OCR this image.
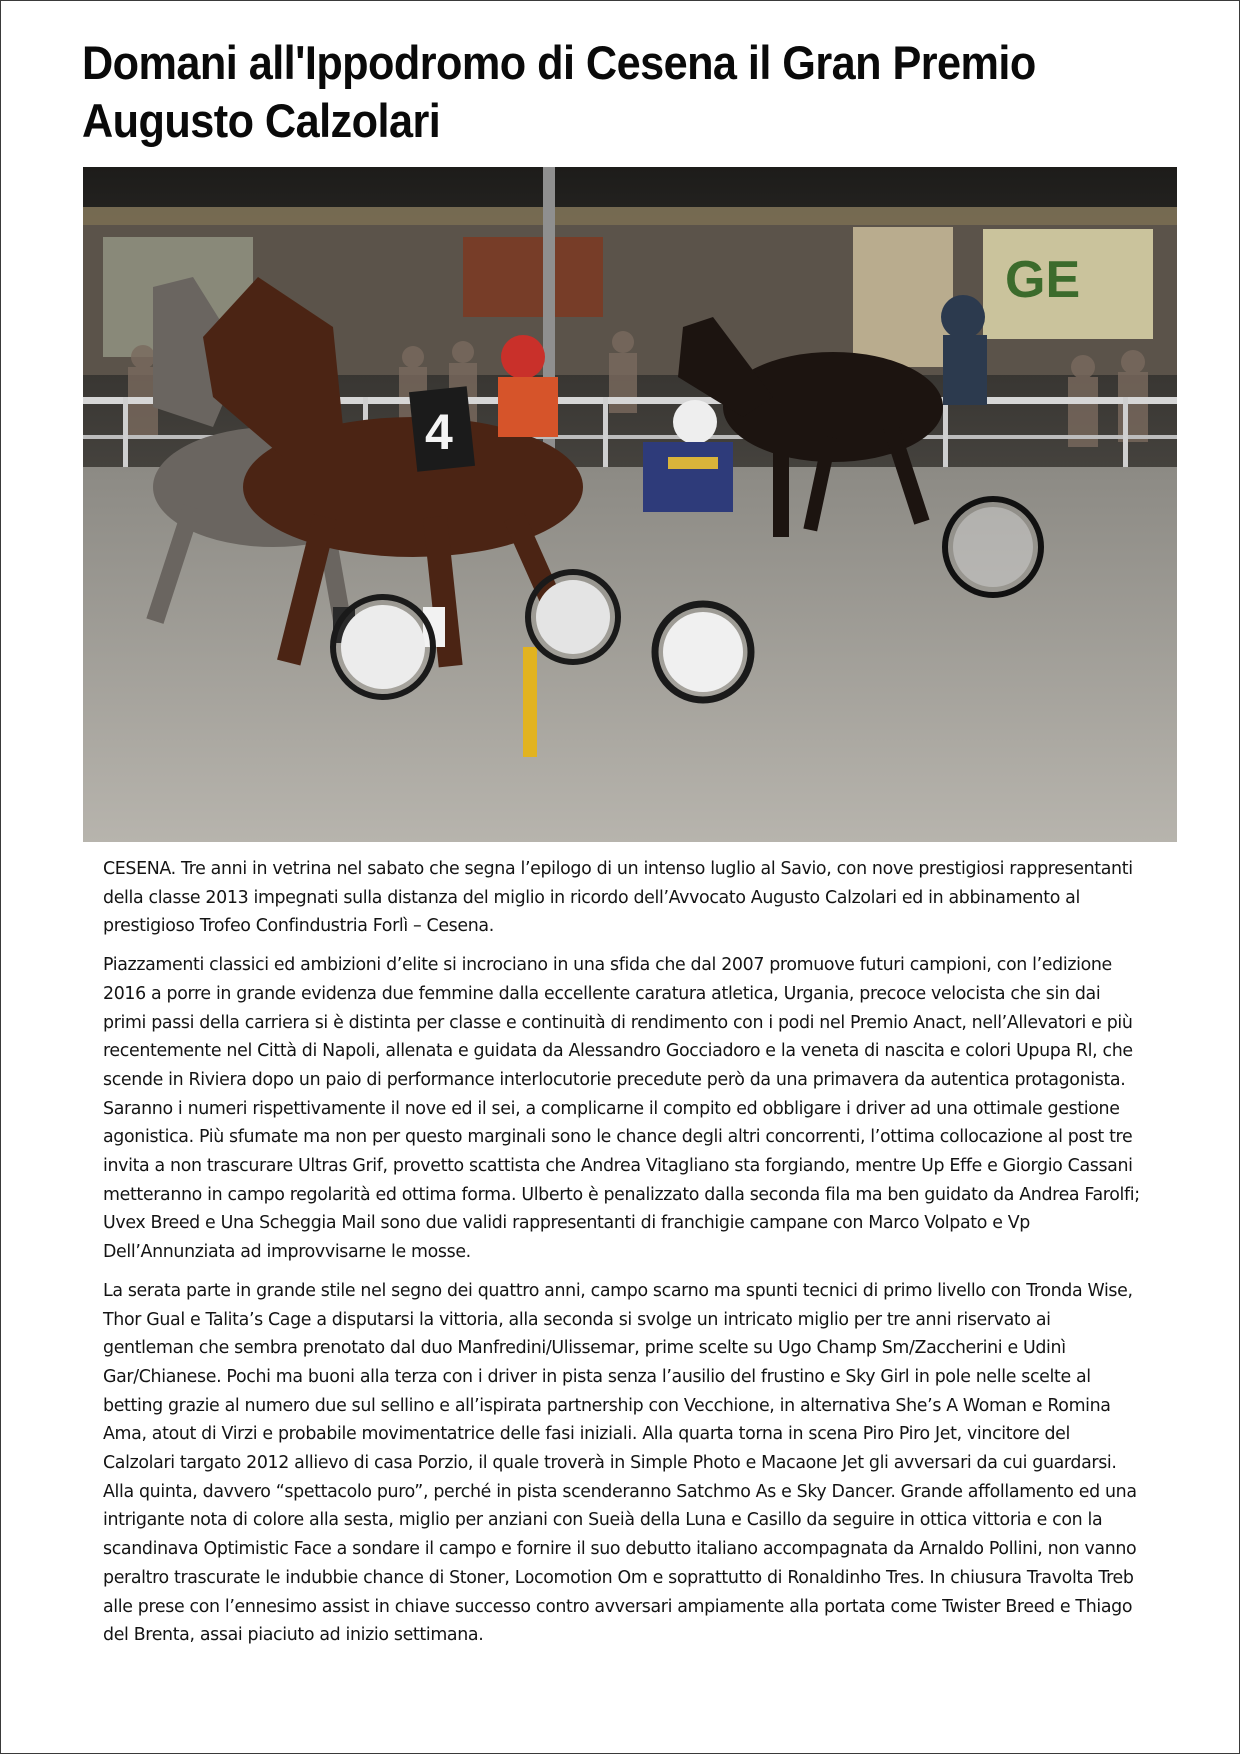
Domani all'Ippodromo di Cesena il Gran Premio Augusto Calzolari
GE
4

CESENA. Tre anni in vetrina nel sabato che segna l’epilogo di un intenso luglio al Savio, con nove prestigiosi rappresentanti della classe 2013 impegnati sulla distanza del miglio in ricordo dell’Avvocato Augusto Calzolari ed in abbinamento al prestigioso Trofeo Confindustria Forlì – Cesena.

Piazzamenti classici ed ambizioni d’elite si incrociano in una sfida che dal 2007 promuove futuri campioni, con l’edizione 2016 a porre in grande evidenza due femmine dalla eccellente caratura atletica, Urgania, precoce velocista che sin dai primi passi della carriera si è distinta per classe e continuità di rendimento con i podi nel Premio Anact, nell’Allevatori e più recentemente nel Città di Napoli, allenata e guidata da Alessandro Gocciadoro e la veneta di nascita e colori Upupa Rl, che scende in Riviera dopo un paio di performance interlocutorie precedute però da una primavera da autentica protagonista. Saranno i numeri rispettivamente il nove ed il sei, a complicarne il compito ed obbligare i driver ad una ottimale gestione agonistica. Più sfumate ma non per questo marginali sono le chance degli altri concorrenti, l’ottima collocazione al post tre invita a non trascurare Ultras Grif, provetto scattista che Andrea Vitagliano sta forgiando, mentre Up Effe e Giorgio Cassani metteranno in campo regolarità ed ottima forma. Ulberto è penalizzato dalla seconda fila ma ben guidato da Andrea Farolfi; Uvex Breed e Una Scheggia Mail sono due validi rappresentanti di franchigie campane con Marco Volpato e Vp Dell’Annunziata ad improvvisarne le mosse.

La serata parte in grande stile nel segno dei quattro anni, campo scarno ma spunti tecnici di primo livello con Tronda Wise, Thor Gual e Talita’s Cage a disputarsi la vittoria, alla seconda si svolge un intricato miglio per tre anni riservato ai gentleman che sembra prenotato dal duo Manfredini/Ulissemar, prime scelte su Ugo Champ Sm/Zaccherini e Udinì Gar/Chianese. Pochi ma buoni alla terza con i driver in pista senza l’ausilio del frustino e Sky Girl in pole nelle scelte al betting grazie al numero due sul sellino e all’ispirata partnership con Vecchione, in alternativa She’s A Woman e Romina Ama, atout di Virzi e probabile movimentatrice delle fasi iniziali. Alla quarta torna in scena Piro Piro Jet, vincitore del Calzolari targato 2012 allievo di casa Porzio, il quale troverà in Simple Photo e Macaone Jet gli avversari da cui guardarsi. Alla quinta, davvero “spettacolo puro”, perché in pista scenderanno Satchmo As e Sky Dancer. Grande affollamento ed una intrigante nota di colore alla sesta, miglio per anziani con Sueià della Luna e Casillo da seguire in ottica vittoria e con la scandinava Optimistic Face a sondare il campo e fornire il suo debutto italiano accompagnata da Arnaldo Pollini, non vanno peraltro trascurate le indubbie chance di Stoner, Locomotion Om e soprattutto di Ronaldinho Tres. In chiusura Travolta Treb alle prese con l’ennesimo assist in chiave successo contro avversari ampiamente alla portata come Twister Breed e Thiago del Brenta, assai piaciuto ad inizio settimana.
